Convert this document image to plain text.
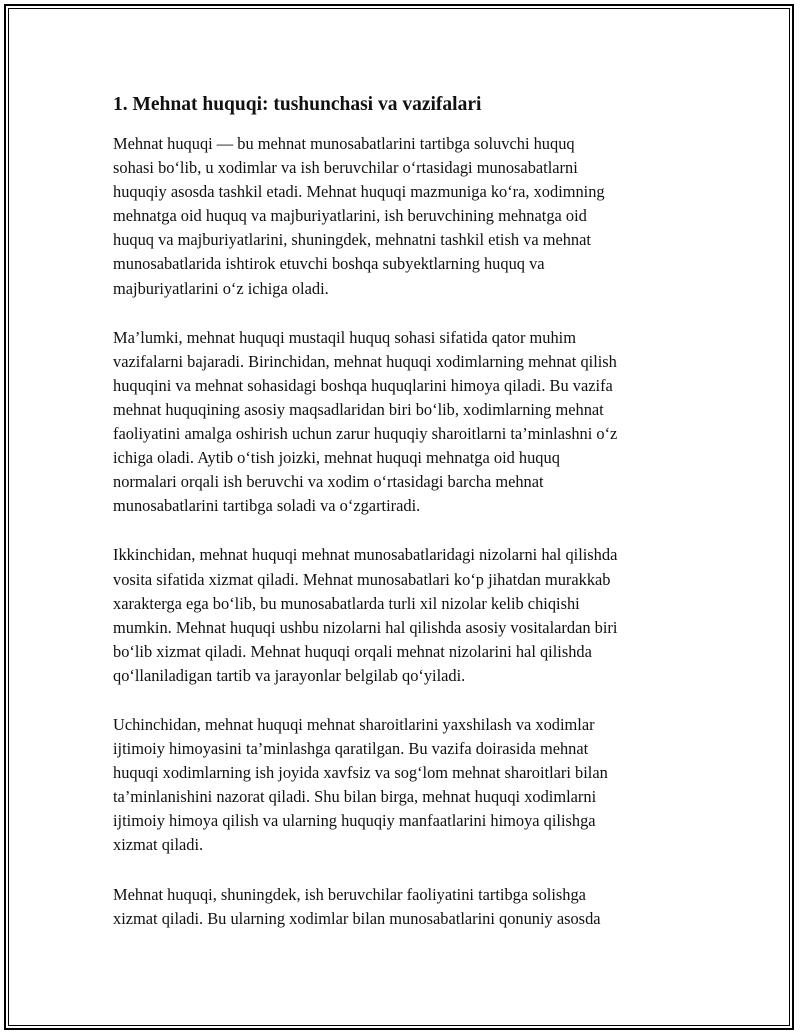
1. Mehnat huquqi: tushunchasi va vazifalari

Mehnat huquqi — bu mehnat munosabatlarini tartibga soluvchi huquq
sohasi bo‘lib, u xodimlar va ish beruvchilar o‘rtasidagi munosabatlarni
huquqiy asosda tashkil etadi. Mehnat huquqi mazmuniga ko‘ra, xodimning
mehnatga oid huquq va majburiyatlarini, ish beruvchining mehnatga oid
huquq va majburiyatlarini, shuningdek, mehnatni tashkil etish va mehnat
munosabatlarida ishtirok etuvchi boshqa subyektlarning huquq va
majburiyatlarini o‘z ichiga oladi.

Ma’lumki, mehnat huquqi mustaqil huquq sohasi sifatida qator muhim
vazifalarni bajaradi. Birinchidan, mehnat huquqi xodimlarning mehnat qilish
huquqini va mehnat sohasidagi boshqa huquqlarini himoya qiladi. Bu vazifa
mehnat huquqining asosiy maqsadlaridan biri bo‘lib, xodimlarning mehnat
faoliyatini amalga oshirish uchun zarur huquqiy sharoitlarni ta’minlashni o‘z
ichiga oladi. Aytib o‘tish joizki, mehnat huquqi mehnatga oid huquq
normalari orqali ish beruvchi va xodim o‘rtasidagi barcha mehnat
munosabatlarini tartibga soladi va o‘zgartiradi.

Ikkinchidan, mehnat huquqi mehnat munosabatlaridagi nizolarni hal qilishda
vosita sifatida xizmat qiladi. Mehnat munosabatlari ko‘p jihatdan murakkab
xarakterga ega bo‘lib, bu munosabatlarda turli xil nizolar kelib chiqishi
mumkin. Mehnat huquqi ushbu nizolarni hal qilishda asosiy vositalardan biri
bo‘lib xizmat qiladi. Mehnat huquqi orqali mehnat nizolarini hal qilishda
qo‘llaniladigan tartib va jarayonlar belgilab qo‘yiladi.

Uchinchidan, mehnat huquqi mehnat sharoitlarini yaxshilash va xodimlar
ijtimoiy himoyasini ta’minlashga qaratilgan. Bu vazifa doirasida mehnat
huquqi xodimlarning ish joyida xavfsiz va sog‘lom mehnat sharoitlari bilan
ta’minlanishini nazorat qiladi. Shu bilan birga, mehnat huquqi xodimlarni
ijtimoiy himoya qilish va ularning huquqiy manfaatlarini himoya qilishga
xizmat qiladi.

Mehnat huquqi, shuningdek, ish beruvchilar faoliyatini tartibga solishga
xizmat qiladi. Bu ularning xodimlar bilan munosabatlarini qonuniy asosda
